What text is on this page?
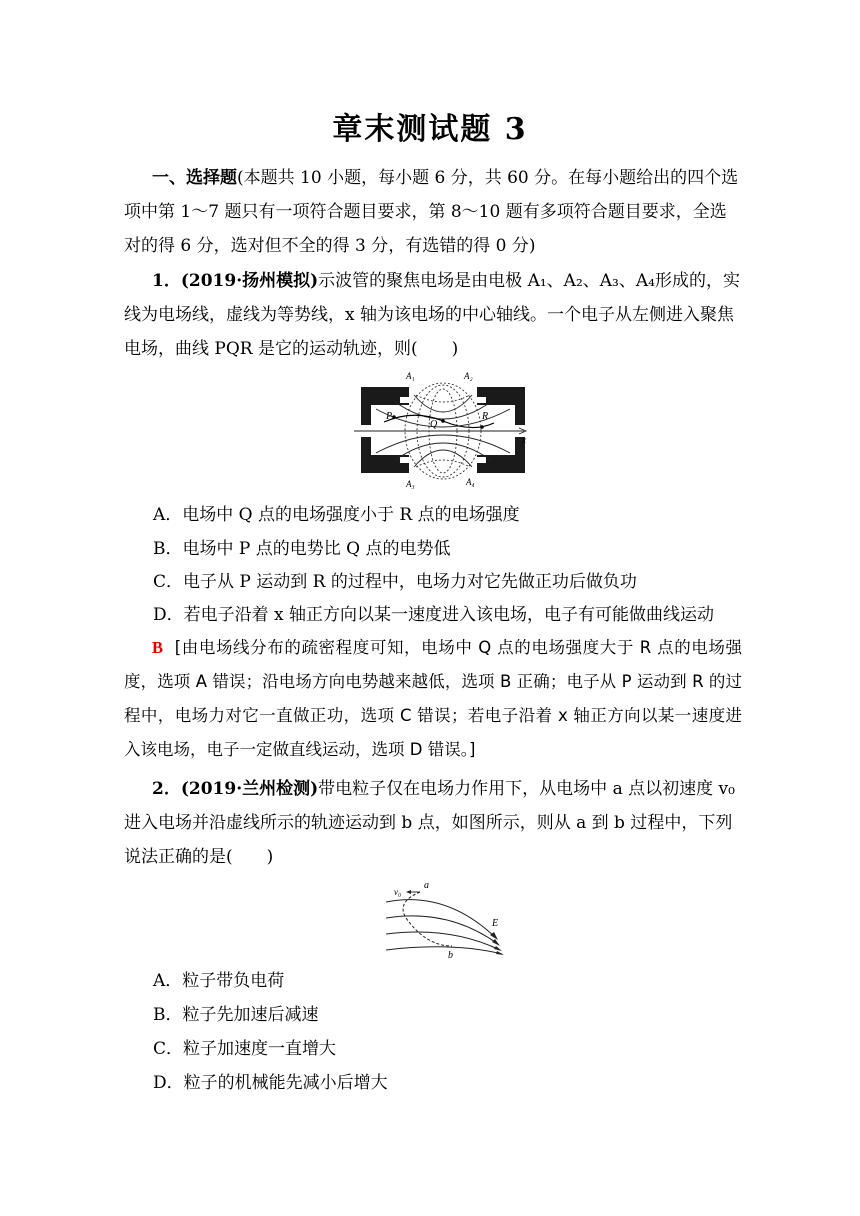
章末测试题 3
一、选择题(本题共 10 小题，每小题 6 分，共 60 分。在每小题给出的四个选项中第 1～7 题只有一项符合题目要求，第 8～10 题有多项符合题目要求，全选对的得 6 分，选对但不全的得 3 分，有选错的得 0 分)
1．(2019·扬州模拟)示波管的聚焦电场是由电极 A₁、A₂、A₃、A₄形成的，实线为电场线，虚线为等势线，x 轴为该电场的中心轴线。一个电子从左侧进入聚焦电场，曲线 PQR 是它的运动轨迹，则(　　)
A₁	A₂
A₃	A₄
P
Q
R
x
A．电场中 Q 点的电场强度小于 R 点的电场强度
B．电场中 P 点的电势比 Q 点的电势低
C．电子从 P 运动到 R 的过程中，电场力对它先做正功后做负功
D．若电子沿着 x 轴正方向以某一速度进入该电场，电子有可能做曲线运动
B [由电场线分布的疏密程度可知，电场中 Q 点的电场强度大于 R 点的电场强度，选项 A 错误；沿电场方向电势越来越低，选项 B 正确；电子从 P 运动到 R 的过程中，电场力对它一直做正功，选项 C 错误；若电子沿着 x 轴正方向以某一速度进入该电场，电子一定做直线运动，选项 D 错误。]
2．(2019·兰州检测)带电粒子仅在电场力作用下，从电场中 a 点以初速度 v₀进入电场并沿虚线所示的轨迹运动到 b 点，如图所示，则从 a 到 b 过程中，下列说法正确的是(　　)
v₀
a
E
b
A．粒子带负电荷
B．粒子先加速后减速
C．粒子加速度一直增大
D．粒子的机械能先减小后增大
